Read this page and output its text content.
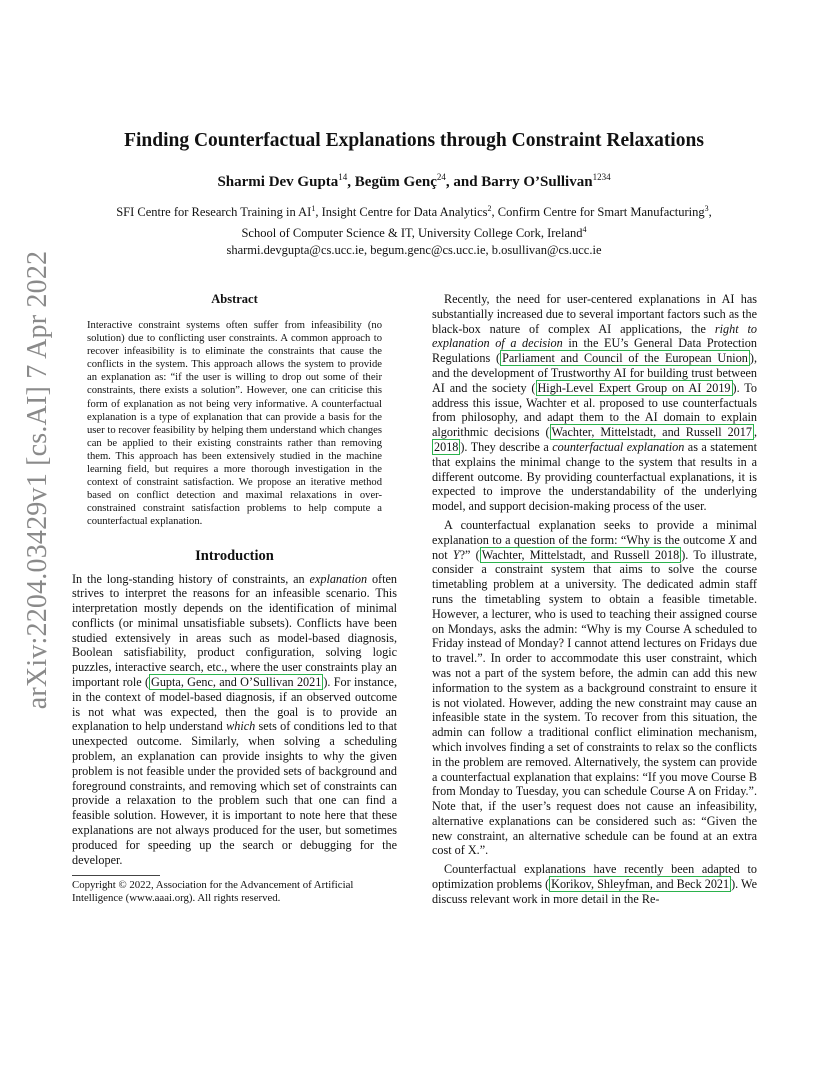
arXiv:2204.03429v1 [cs.AI] 7 Apr 2022
Finding Counterfactual Explanations through Constraint Relaxations
Sharmi Dev Gupta$^{14}$, Begüm Genç$^{24}$, and Barry O’Sullivan$^{1234}$
SFI Centre for Research Training in $AI^1$, Insight Centre for Data Analytics$^2$, Confirm Centre for Smart Manufacturing$^3$,
School of Computer Science & IT, University College Cork, Ireland$^4$
sharmi.devgupta@cs.ucc.ie, begum.genc@cs.ucc.ie, b.osullivan@cs.ucc.ie
Abstract

Interactive constraint systems often suffer from infeasibility (no solution) due to conflicting user constraints. A common approach to recover infeasibility is to eliminate the constraints that cause the conflicts in the system. This approach allows the system to provide an explanation as: “if the user is willing to drop out some of their constraints, there exists a solution”. However, one can criticise this form of explanation as not being very informative. A counterfactual explanation is a type of explanation that can provide a basis for the user to recover feasibility by helping them understand which changes can be applied to their existing constraints rather than removing them. This approach has been extensively studied in the machine learning field, but requires a more thorough investigation in the context of constraint satisfaction. We propose an iterative method based on conflict detection and maximal relaxations in over-constrained constraint satisfaction problems to help compute a counterfactual explanation.

Introduction

In the long-standing history of constraints, an explanation often strives to interpret the reasons for an infeasible scenario. This interpretation mostly depends on the identification of minimal conflicts (or minimal unsatisfiable subsets). Conflicts have been studied extensively in areas such as model-based diagnosis, Boolean satisfiability, product configuration, solving logic puzzles, interactive search, etc., where the user constraints play an important role ( Gupta, Genc, and O’Sullivan 2021 ). For instance, in the context of model-based diagnosis, if an observed outcome is not what was expected, then the goal is to provide an explanation to help understand which sets of conditions led to that unexpected outcome. Similarly, when solving a scheduling problem, an explanation can provide insights to why the given problem is not feasible under the provided sets of background and foreground constraints, and removing which set of constraints can provide a relaxation to the problem such that one can find a feasible solution. However, it is important to note here that these explanations are not always produced for the user, but sometimes produced for speeding up the search or debugging for the developer.

Copyright © 2022, Association for the Advancement of Artificial Intelligence (www.aaai.org). All rights reserved.

Recently, the need for user-centered explanations in AI has substantially increased due to several important factors such as the black-box nature of complex AI applications, the right to explanation of a decision in the EU’s General Data Protection Regulations ( Parliament and Council of the European Union ), and the development of Trustworthy AI for building trust between AI and the society ( High-Level Expert Group on AI 2019 ). To address this issue, Wachter et al. proposed to use counterfactuals from philosophy, and adapt them to the AI domain to explain algorithmic decisions ( Wachter, Mittelstadt, and Russell 2017 , 2018 ). They describe a counterfactual explanation as a statement that explains the minimal change to the system that results in a different outcome. By providing counterfactual explanations, it is expected to improve the understandability of the underlying model, and support decision-making process of the user.

A counterfactual explanation seeks to provide a minimal explanation to a question of the form: “Why is the outcome X and not Y?” ( Wachter, Mittelstadt, and Russell 2018 ). To illustrate, consider a constraint system that aims to solve the course timetabling problem at a university. The dedicated admin staff runs the timetabling system to obtain a feasible timetable. However, a lecturer, who is used to teaching their assigned course on Mondays, asks the admin: “Why is my Course A scheduled to Friday instead of Monday? I cannot attend lectures on Fridays due to travel.”. In order to accommodate this user constraint, which was not a part of the system before, the admin can add this new information to the system as a background constraint to ensure it is not violated. However, adding the new constraint may cause an infeasible state in the system. To recover from this situation, the admin can follow a traditional conflict elimination mechanism, which involves finding a set of constraints to relax so the conflicts in the problem are removed. Alternatively, the system can provide a counterfactual explanation that explains: “If you move Course B from Monday to Tuesday, you can schedule Course A on Friday.”. Note that, if the user’s request does not cause an infeasibility, alternative explanations can be considered such as: “Given the new constraint, an alternative schedule can be found at an extra cost of X.”.

Counterfactual explanations have recently been adapted to optimization problems ( Korikov, Shleyfman, and Beck 2021 ). We discuss relevant work in more detail in the Re-
